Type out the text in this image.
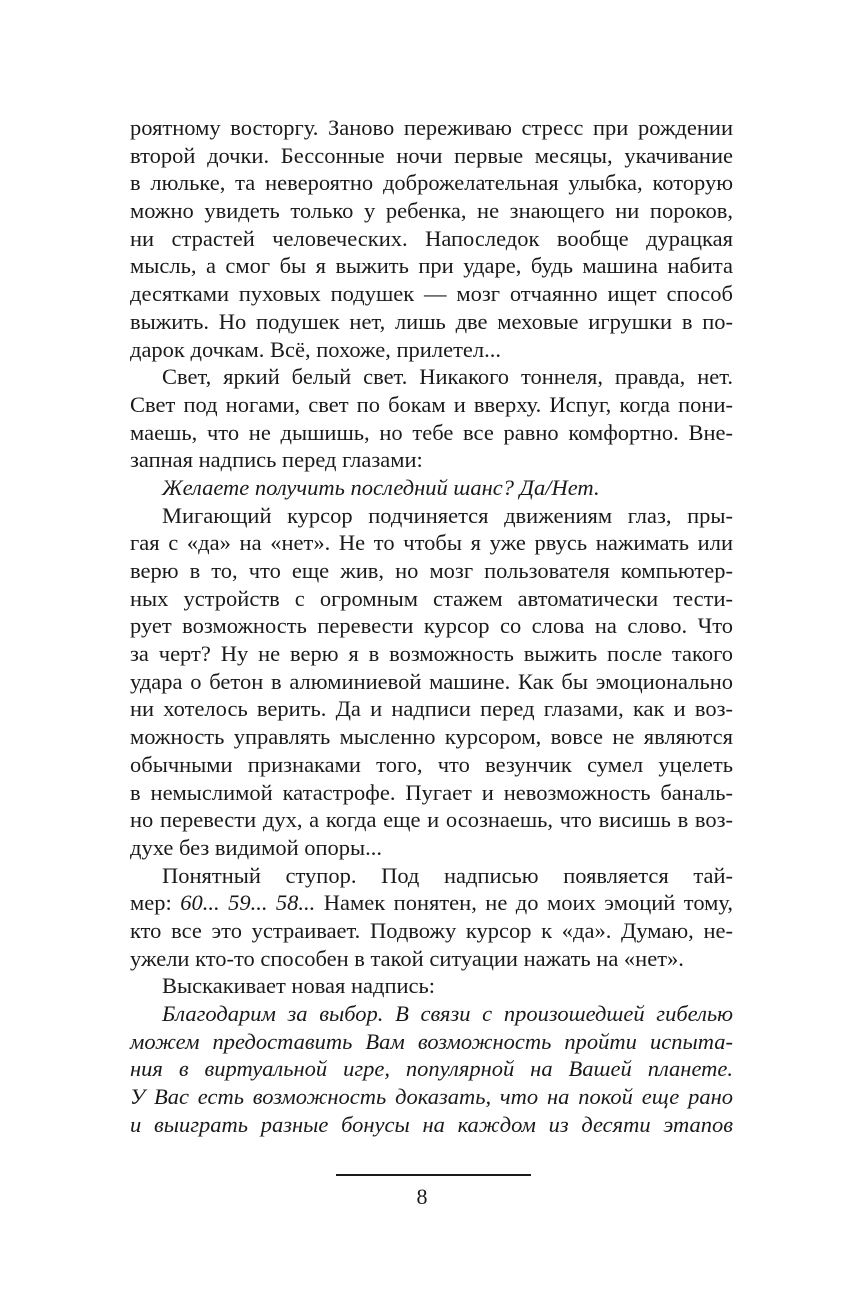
роятному восторгу. Заново переживаю стресс при рождении
второй дочки. Бессонные ночи первые месяцы, укачивание
в люльке, та невероятно доброжелательная улыбка, которую
можно увидеть только у ребенка, не знающего ни пороков,
ни страстей человеческих. Напоследок вообще дурацкая
мысль, а смог бы я выжить при ударе, будь машина набита
десятками пуховых подушек — мозг отчаянно ищет способ
выжить. Но подушек нет, лишь две меховые игрушки в по-
дарок дочкам. Всё, похоже, прилетел...
Свет, яркий белый свет. Никакого тоннеля, правда, нет.
Свет под ногами, свет по бокам и вверху. Испуг, когда пони-
маешь, что не дышишь, но тебе все равно комфортно. Вне-
запная надпись перед глазами:
Желаете получить последний шанс? Да/Нет.
Мигающий курсор подчиняется движениям глаз, пры-
гая с «да» на «нет». Не то чтобы я уже рвусь нажимать или
верю в то, что еще жив, но мозг пользователя компьютер-
ных устройств с огромным стажем автоматически тести-
рует возможность перевести курсор со слова на слово. Что
за черт? Ну не верю я в возможность выжить после такого
удара о бетон в алюминиевой машине. Как бы эмоционально
ни хотелось верить. Да и надписи перед глазами, как и воз-
можность управлять мысленно курсором, вовсе не являются
обычными признаками того, что везунчик сумел уцелеть
в немыслимой катастрофе. Пугает и невозможность баналь-
но перевести дух, а когда еще и осознаешь, что висишь в воз-
духе без видимой опоры...
Понятный ступор. Под надписью появляется тай-
мер: 60... 59... 58... Намек понятен, не до моих эмоций тому,
кто все это устраивает. Подвожу курсор к «да». Думаю, не-
ужели кто-то способен в такой ситуации нажать на «нет».
Выскакивает новая надпись:
Благодарим за выбор. В связи с произошедшей гибелью
можем предоставить Вам возможность пройти испыта-
ния в виртуальной игре, популярной на Вашей планете.
У Вас есть возможность доказать, что на покой еще рано
и выиграть разные бонусы на каждом из десяти этапов
8
